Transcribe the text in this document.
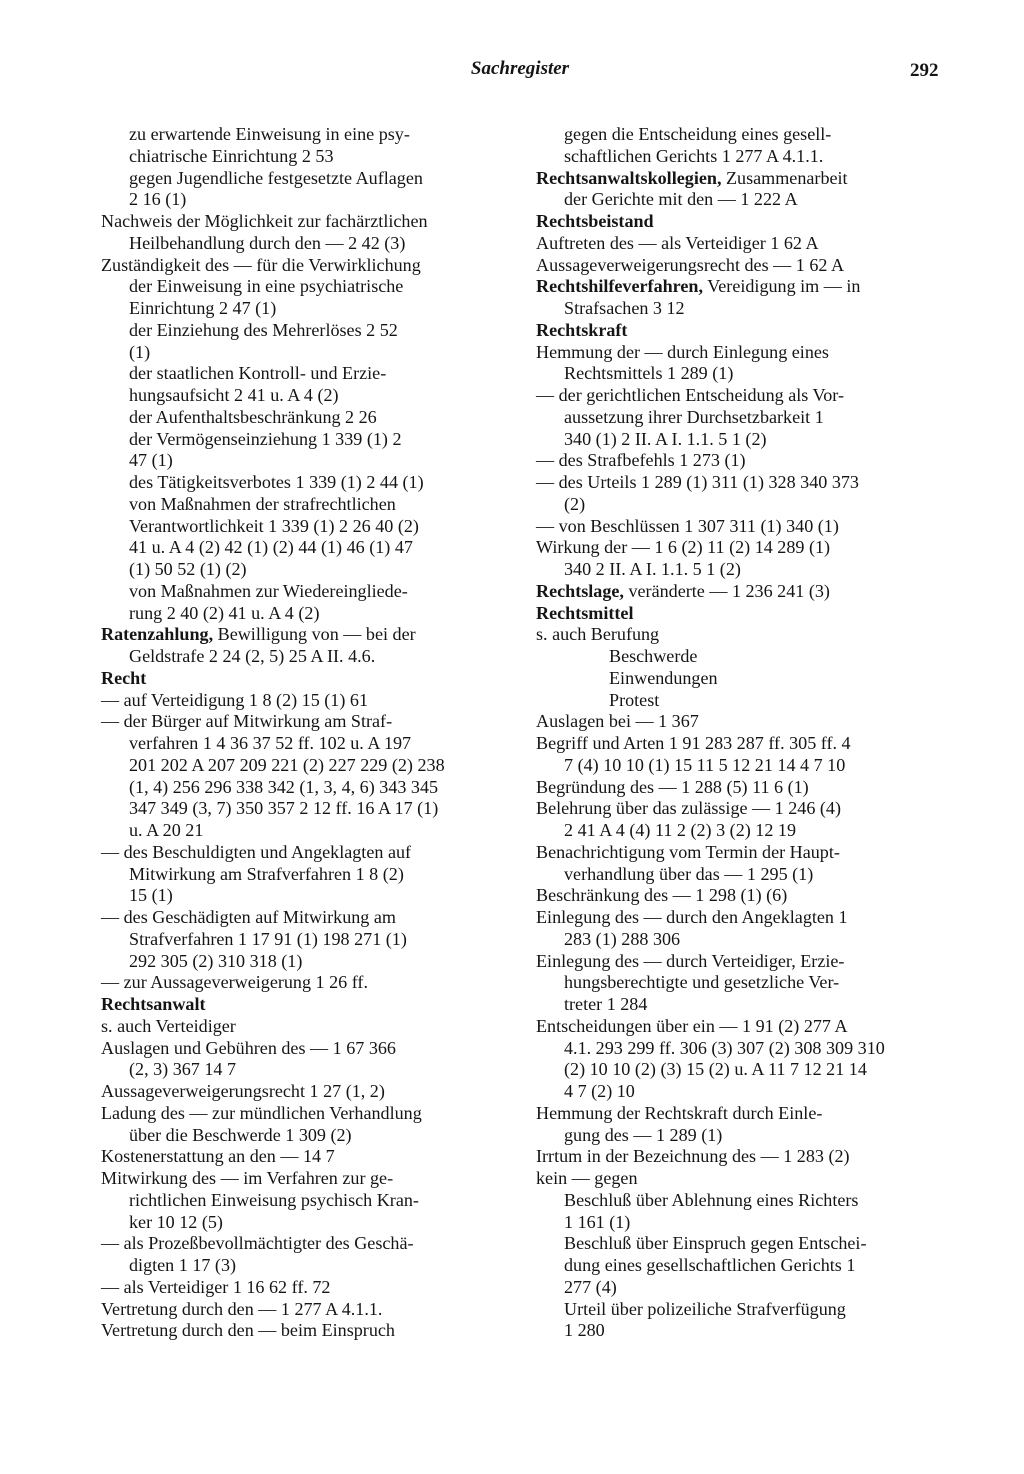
Sachregister	292
zu erwartende Einweisung in eine psy-
chiatrische Einrichtung 2 53
gegen Jugendliche festgesetzte Auflagen
2 16 (1)
Nachweis der Möglichkeit zur fachärztlichen
Heilbehandlung durch den — 2 42 (3)
Zuständigkeit des — für die Verwirklichung
der Einweisung in eine psychiatrische
Einrichtung 2 47 (1)
der Einziehung des Mehrerlöses 2 52
(1)
der staatlichen Kontroll- und Erzie-
hungsaufsicht 2 41 u. A 4 (2)
der Aufenthaltsbeschränkung 2 26
der Vermögenseinziehung 1 339 (1) 2
47 (1)
des Tätigkeitsverbotes 1 339 (1) 2 44 (1)
von Maßnahmen der strafrechtlichen
Verantwortlichkeit 1 339 (1) 2 26 40 (2)
41 u. A 4 (2) 42 (1) (2) 44 (1) 46 (1) 47
(1) 50 52 (1) (2)
von Maßnahmen zur Wiedereingliede-
rung 2 40 (2) 41 u. A 4 (2)
Ratenzahlung, Bewilligung von — bei der
Geldstrafe 2 24 (2, 5) 25 A II. 4.6.
Recht
— auf Verteidigung 1 8 (2) 15 (1) 61
— der Bürger auf Mitwirkung am Straf-
verfahren 1 4 36 37 52 ff. 102 u. A 197
201 202 A 207 209 221 (2) 227 229 (2) 238
(1, 4) 256 296 338 342 (1, 3, 4, 6) 343 345
347 349 (3, 7) 350 357 2 12 ff. 16 A 17 (1)
u. A 20 21
— des Beschuldigten und Angeklagten auf
Mitwirkung am Strafverfahren 1 8 (2)
15 (1)
— des Geschädigten auf Mitwirkung am
Strafverfahren 1 17 91 (1) 198 271 (1)
292 305 (2) 310 318 (1)
— zur Aussageverweigerung 1 26 ff.
Rechtsanwalt
s. auch Verteidiger
Auslagen und Gebühren des — 1 67 366
(2, 3) 367 14 7
Aussageverweigerungsrecht 1 27 (1, 2)
Ladung des — zur mündlichen Verhandlung
über die Beschwerde 1 309 (2)
Kostenerstattung an den — 14 7
Mitwirkung des — im Verfahren zur ge-
richtlichen Einweisung psychisch Kran-
ker 10 12 (5)
— als Prozeßbevollmächtigter des Geschä-
digten 1 17 (3)
— als Verteidiger 1 16 62 ff. 72
Vertretung durch den — 1 277 A 4.1.1.
Vertretung durch den — beim Einspruch
gegen die Entscheidung eines gesell-
schaftlichen Gerichts 1 277 A 4.1.1.
Rechtsanwaltskollegien, Zusammenarbeit
der Gerichte mit den — 1 222 A
Rechtsbeistand
Auftreten des — als Verteidiger 1 62 A
Aussageverweigerungsrecht des — 1 62 A
Rechtshilfeverfahren, Vereidigung im — in
Strafsachen 3 12
Rechtskraft
Hemmung der — durch Einlegung eines
Rechtsmittels 1 289 (1)
— der gerichtlichen Entscheidung als Vor-
aussetzung ihrer Durchsetzbarkeit 1
340 (1) 2 II. A I. 1.1. 5 1 (2)
— des Strafbefehls 1 273 (1)
— des Urteils 1 289 (1) 311 (1) 328 340 373
(2)
— von Beschlüssen 1 307 311 (1) 340 (1)
Wirkung der — 1 6 (2) 11 (2) 14 289 (1)
340 2 II. A I. 1.1. 5 1 (2)
Rechtslage, veränderte — 1 236 241 (3)
Rechtsmittel
s. auch Berufung
Beschwerde
Einwendungen
Protest
Auslagen bei — 1 367
Begriff und Arten 1 91 283 287 ff. 305 ff. 4
7 (4) 10 10 (1) 15 11 5 12 21 14 4 7 10
Begründung des — 1 288 (5) 11 6 (1)
Belehrung über das zulässige — 1 246 (4)
2 41 A 4 (4) 11 2 (2) 3 (2) 12 19
Benachrichtigung vom Termin der Haupt-
verhandlung über das — 1 295 (1)
Beschränkung des — 1 298 (1) (6)
Einlegung des — durch den Angeklagten 1
283 (1) 288 306
Einlegung des — durch Verteidiger, Erzie-
hungsberechtigte und gesetzliche Ver-
treter 1 284
Entscheidungen über ein — 1 91 (2) 277 A
4.1. 293 299 ff. 306 (3) 307 (2) 308 309 310
(2) 10 10 (2) (3) 15 (2) u. A 11 7 12 21 14
4 7 (2) 10
Hemmung der Rechtskraft durch Einle-
gung des — 1 289 (1)
Irrtum in der Bezeichnung des — 1 283 (2)
kein — gegen
Beschluß über Ablehnung eines Richters
1 161 (1)
Beschluß über Einspruch gegen Entschei-
dung eines gesellschaftlichen Gerichts 1
277 (4)
Urteil über polizeiliche Strafverfügung
1 280
